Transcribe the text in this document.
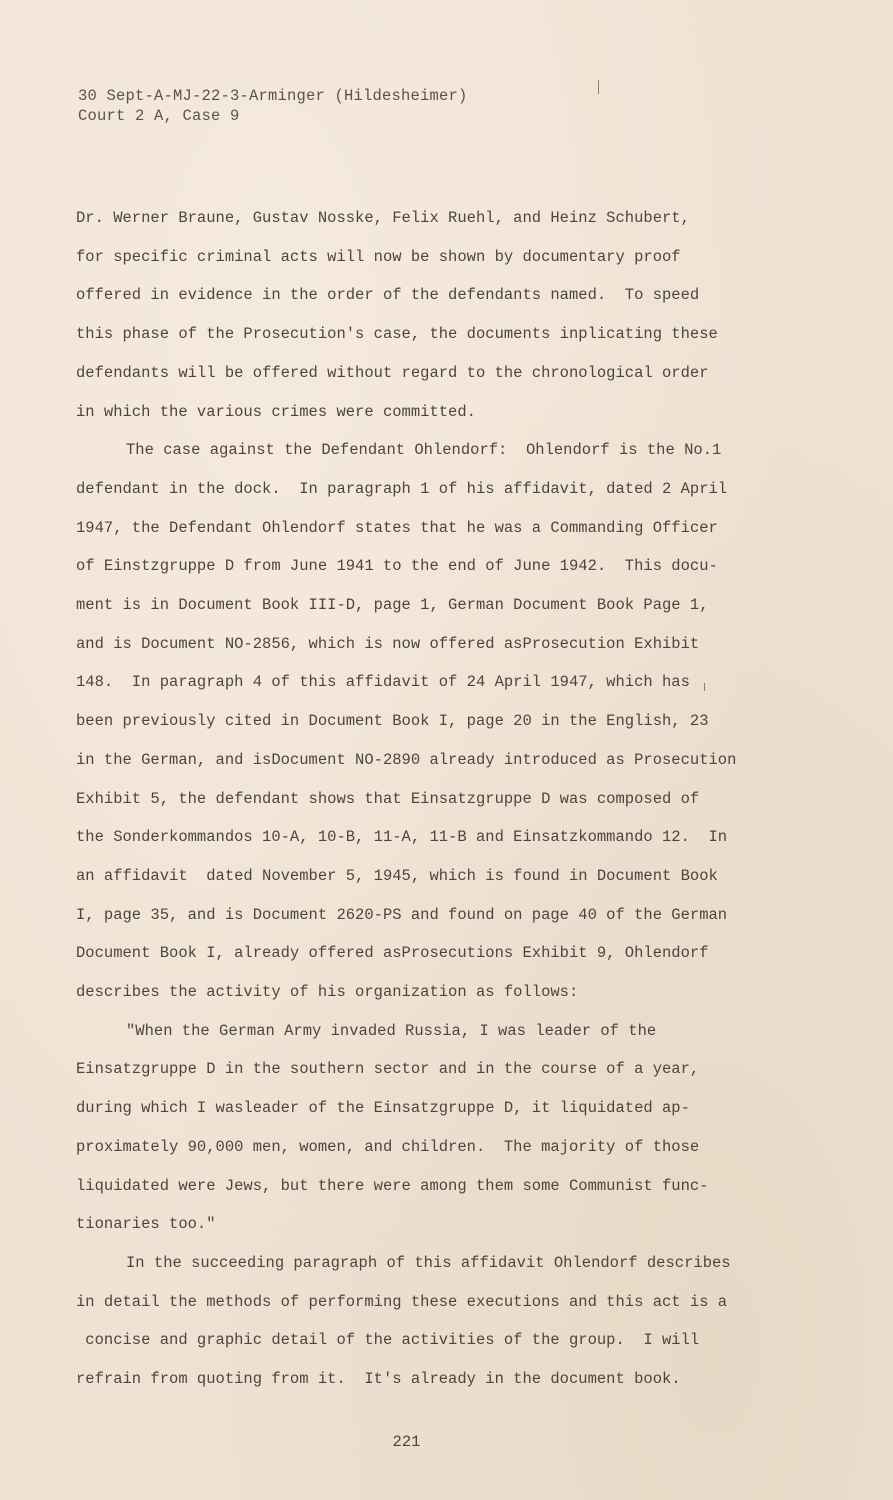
30 Sept-A-MJ-22-3-Arminger (Hildesheimer)
Court 2 A, Case 9

Dr. Werner Braune, Gustav Nosske, Felix Ruehl, and Heinz Schubert,
for specific criminal acts will now be shown by documentary proof
offered in evidence in the order of the defendants named.  To speed
this phase of the Prosecution's case, the documents inplicating these
defendants will be offered without regard to the chronological order
in which the various crimes were committed.

The case against the Defendant Ohlendorf:  Ohlendorf is the No.1
defendant in the dock.  In paragraph 1 of his affidavit, dated 2 April
1947, the Defendant Ohlendorf states that he was a Commanding Officer
of Einstzgruppe D from June 1941 to the end of June 1942.  This docu-
ment is in Document Book III-D, page 1, German Document Book Page 1,
and is Document NO-2856, which is now offered asProsecution Exhibit
148.  In paragraph 4 of this affidavit of 24 April 1947, which has
been previously cited in Document Book I, page 20 in the English, 23
in the German, and isDocument NO-2890 already introduced as Prosecution
Exhibit 5, the defendant shows that Einsatzgruppe D was composed of
the Sonderkommandos 10-A, 10-B, 11-A, 11-B and Einsatzkommando 12.  In
an affidavit  dated November 5, 1945, which is found in Document Book
I, page 35, and is Document 2620-PS and found on page 40 of the German
Document Book I, already offered asProsecutions Exhibit 9, Ohlendorf
describes the activity of his organization as follows:

"When the German Army invaded Russia, I was leader of the
Einsatzgruppe D in the southern sector and in the course of a year,
during which I wasleader of the Einsatzgruppe D, it liquidated ap-
proximately 90,000 men, women, and children.  The majority of those
liquidated were Jews, but there were among them some Communist func-
tionaries too."

In the succeeding paragraph of this affidavit Ohlendorf describes
in detail the methods of performing these executions and this act is a
concise and graphic detail of the activities of the group.  I will
refrain from quoting from it.  It's already in the document book.

221
